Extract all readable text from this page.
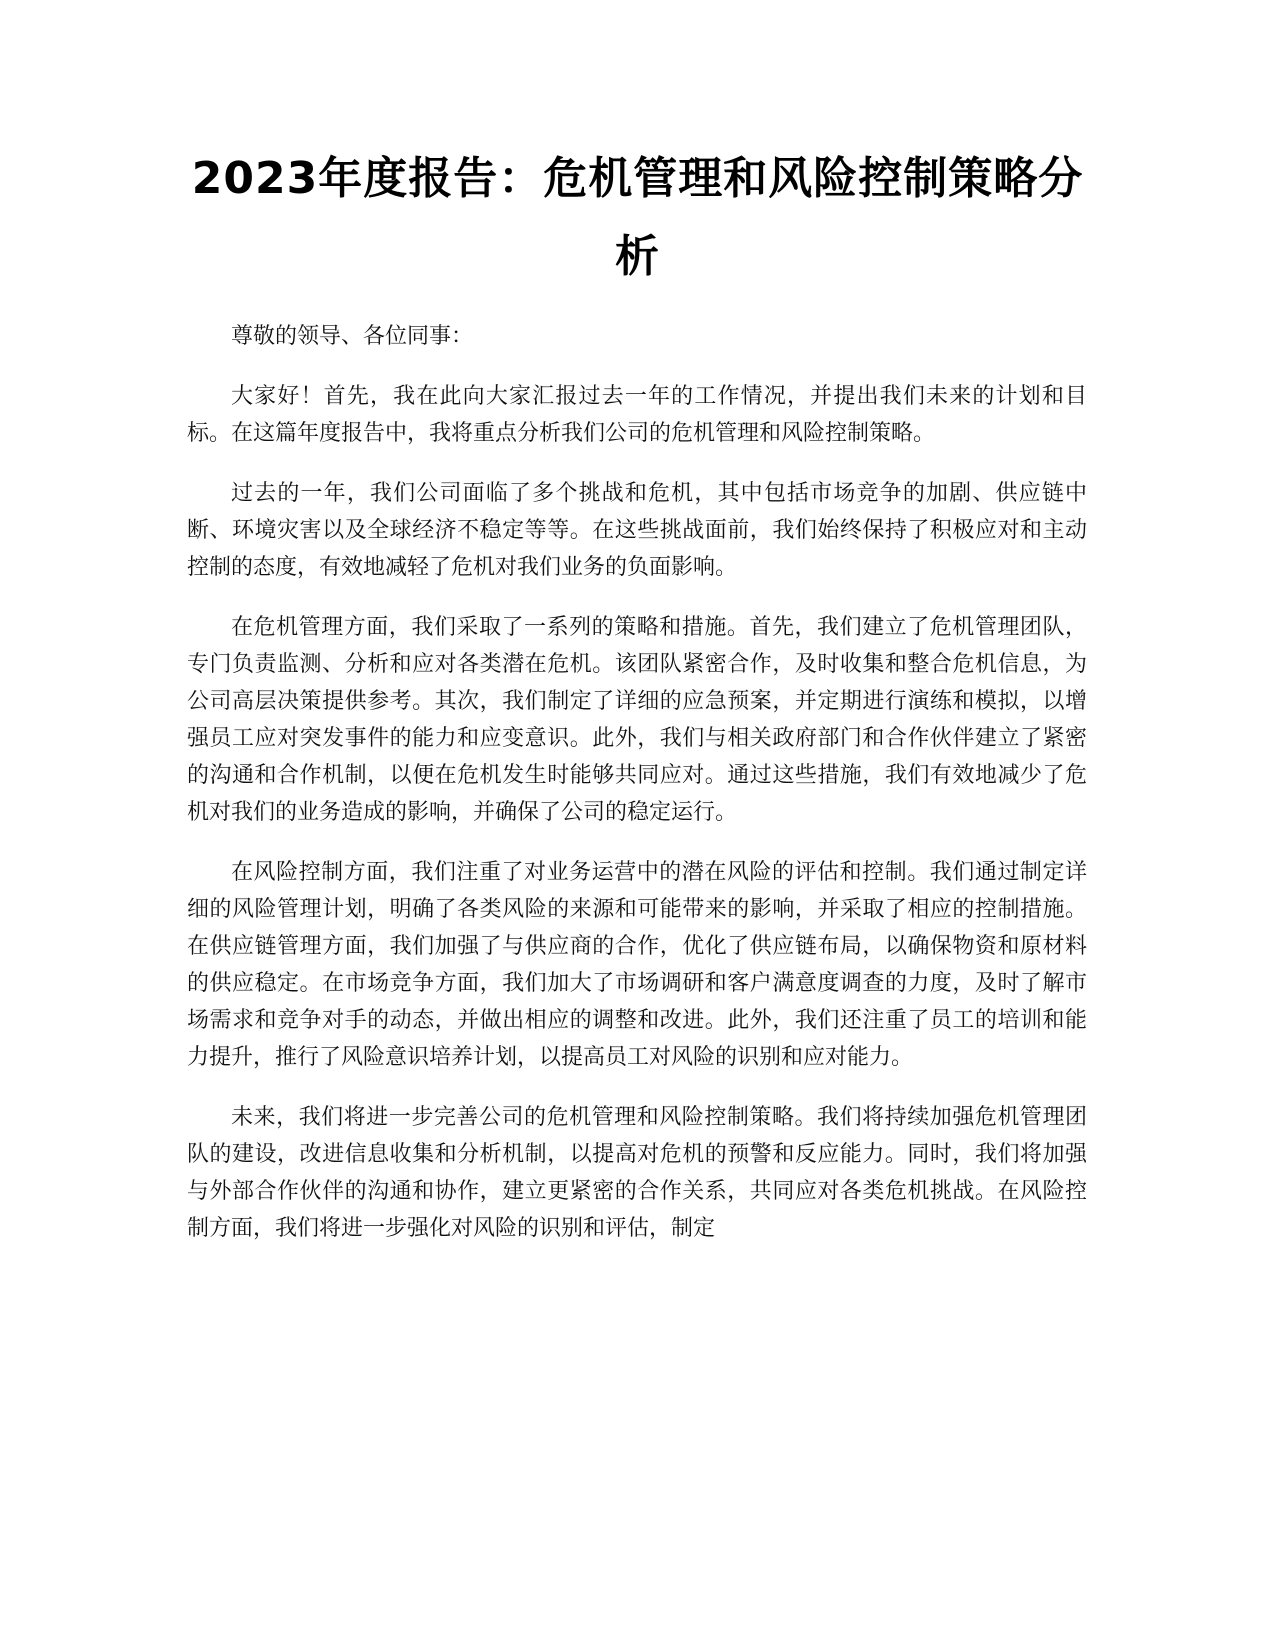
2023年度报告：危机管理和风险控制策略分析

尊敬的领导、各位同事：

大家好！首先，我在此向大家汇报过去一年的工作情况，并提出我们未来的计划和目标。在这篇年度报告中，我将重点分析我们公司的危机管理和风险控制策略。

过去的一年，我们公司面临了多个挑战和危机，其中包括市场竞争的加剧、供应链中断、环境灾害以及全球经济不稳定等等。在这些挑战面前，我们始终保持了积极应对和主动控制的态度，有效地减轻了危机对我们业务的负面影响。

在危机管理方面，我们采取了一系列的策略和措施。首先，我们建立了危机管理团队，专门负责监测、分析和应对各类潜在危机。该团队紧密合作，及时收集和整合危机信息，为公司高层决策提供参考。其次，我们制定了详细的应急预案，并定期进行演练和模拟，以增强员工应对突发事件的能力和应变意识。此外，我们与相关政府部门和合作伙伴建立了紧密的沟通和合作机制，以便在危机发生时能够共同应对。通过这些措施，我们有效地减少了危机对我们的业务造成的影响，并确保了公司的稳定运行。

在风险控制方面，我们注重了对业务运营中的潜在风险的评估和控制。我们通过制定详细的风险管理计划，明确了各类风险的来源和可能带来的影响，并采取了相应的控制措施。在供应链管理方面，我们加强了与供应商的合作，优化了供应链布局，以确保物资和原材料的供应稳定。在市场竞争方面，我们加大了市场调研和客户满意度调查的力度，及时了解市场需求和竞争对手的动态，并做出相应的调整和改进。此外，我们还注重了员工的培训和能力提升，推行了风险意识培养计划，以提高员工对风险的识别和应对能力。

未来，我们将进一步完善公司的危机管理和风险控制策略。我们将持续加强危机管理团队的建设，改进信息收集和分析机制，以提高对危机的预警和反应能力。同时，我们将加强与外部合作伙伴的沟通和协作，建立更紧密的合作关系，共同应对各类危机挑战。在风险控制方面，我们将进一步强化对风险的识别和评估，制定
